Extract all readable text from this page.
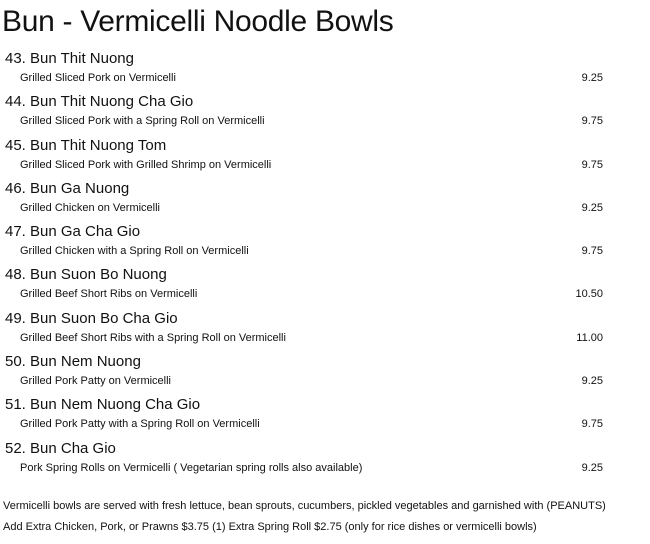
Bun - Vermicelli Noodle Bowls
43. Bun Thit Nuong
Grilled Sliced Pork on Vermicelli	9.25
44. Bun Thit Nuong Cha Gio
Grilled Sliced Pork with a Spring Roll on Vermicelli	9.75
45. Bun Thit Nuong Tom
Grilled Sliced Pork with Grilled Shrimp on Vermicelli	9.75
46. Bun Ga Nuong
Grilled Chicken on Vermicelli	9.25
47. Bun Ga Cha Gio
Grilled Chicken with a Spring Roll on Vermicelli	9.75
48. Bun Suon Bo Nuong
Grilled Beef Short Ribs on Vermicelli	10.50
49. Bun Suon Bo Cha Gio
Grilled Beef Short Ribs with a Spring Roll on Vermicelli	11.00
50. Bun Nem Nuong
Grilled Pork Patty on Vermicelli	9.25
51. Bun Nem Nuong Cha Gio
Grilled Pork Patty with a Spring Roll on Vermicelli	9.75
52. Bun Cha Gio
Pork Spring Rolls on Vermicelli ( Vegetarian spring rolls also available)	9.25
Vermicelli bowls are served with fresh lettuce, bean sprouts, cucumbers, pickled vegetables and garnished with (PEANUTS)
Add Extra Chicken, Pork, or Prawns $3.75 (1) Extra Spring Roll $2.75 (only for rice dishes or vermicelli bowls)
